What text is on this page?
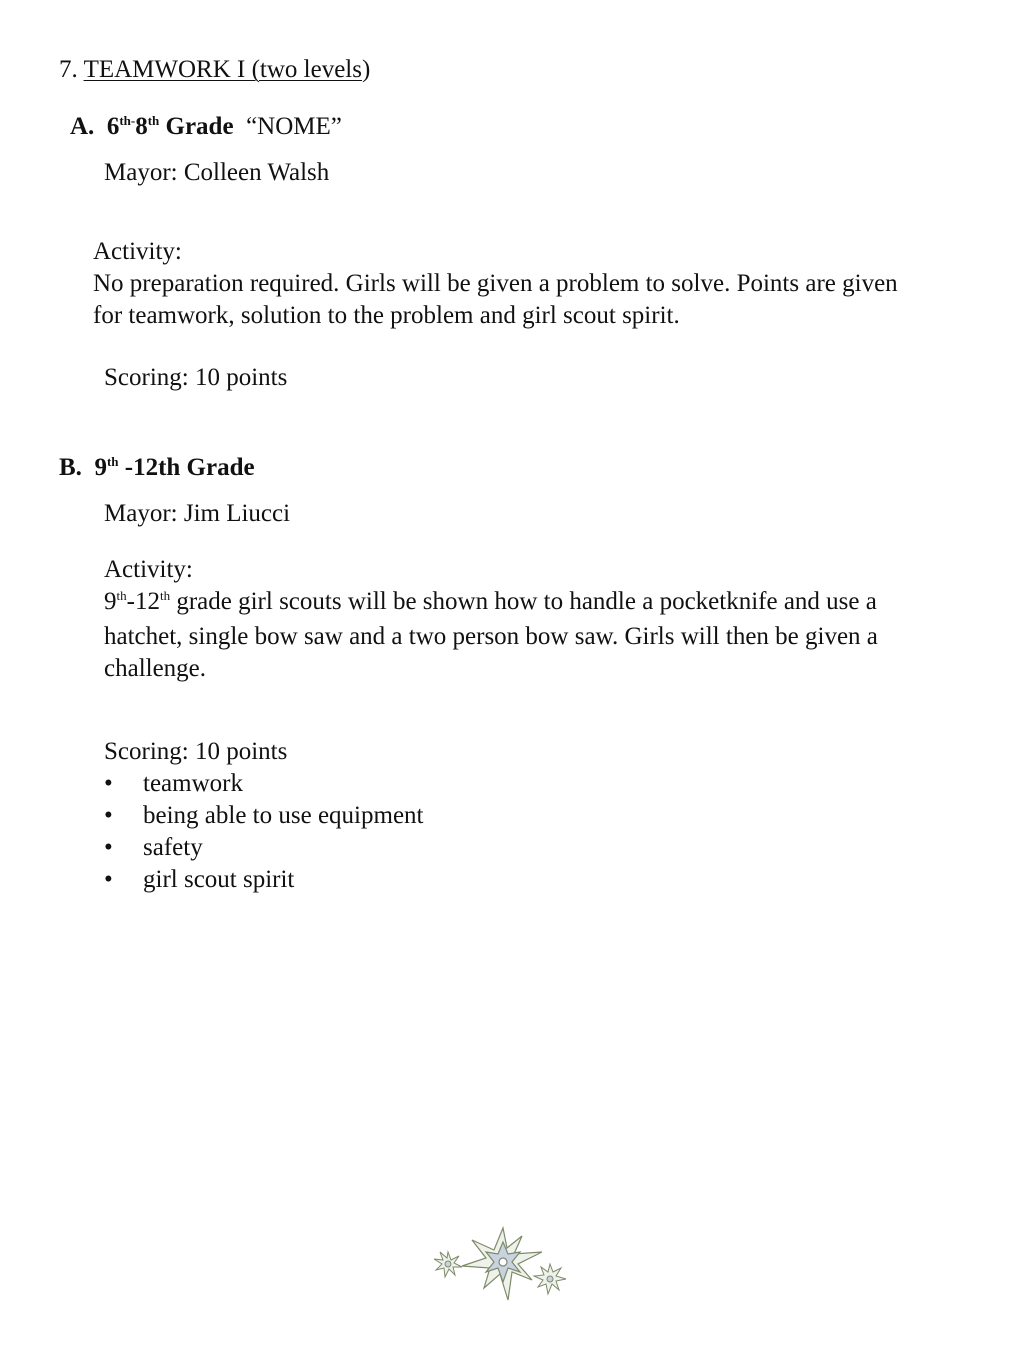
7. TEAMWORK I (two levels)
A. $6^{th-}8th$ Grade “NOME”
Mayor: Colleen Walsh
Activity:
No preparation required. Girls will be given a problem to solve. Points are given for teamwork, solution to the problem and girl scout spirit.
Scoring: 10 points
B. 9th -12th Grade
Mayor: Jim Liucci
Activity:
9th-12th grade girl scouts will be shown how to handle a pocketknife and use a hatchet, single bow saw and a two person bow saw. Girls will then be given a challenge.
Scoring: 10 points
•	teamwork
•	being able to use equipment
•	safety
•	girl scout spirit
